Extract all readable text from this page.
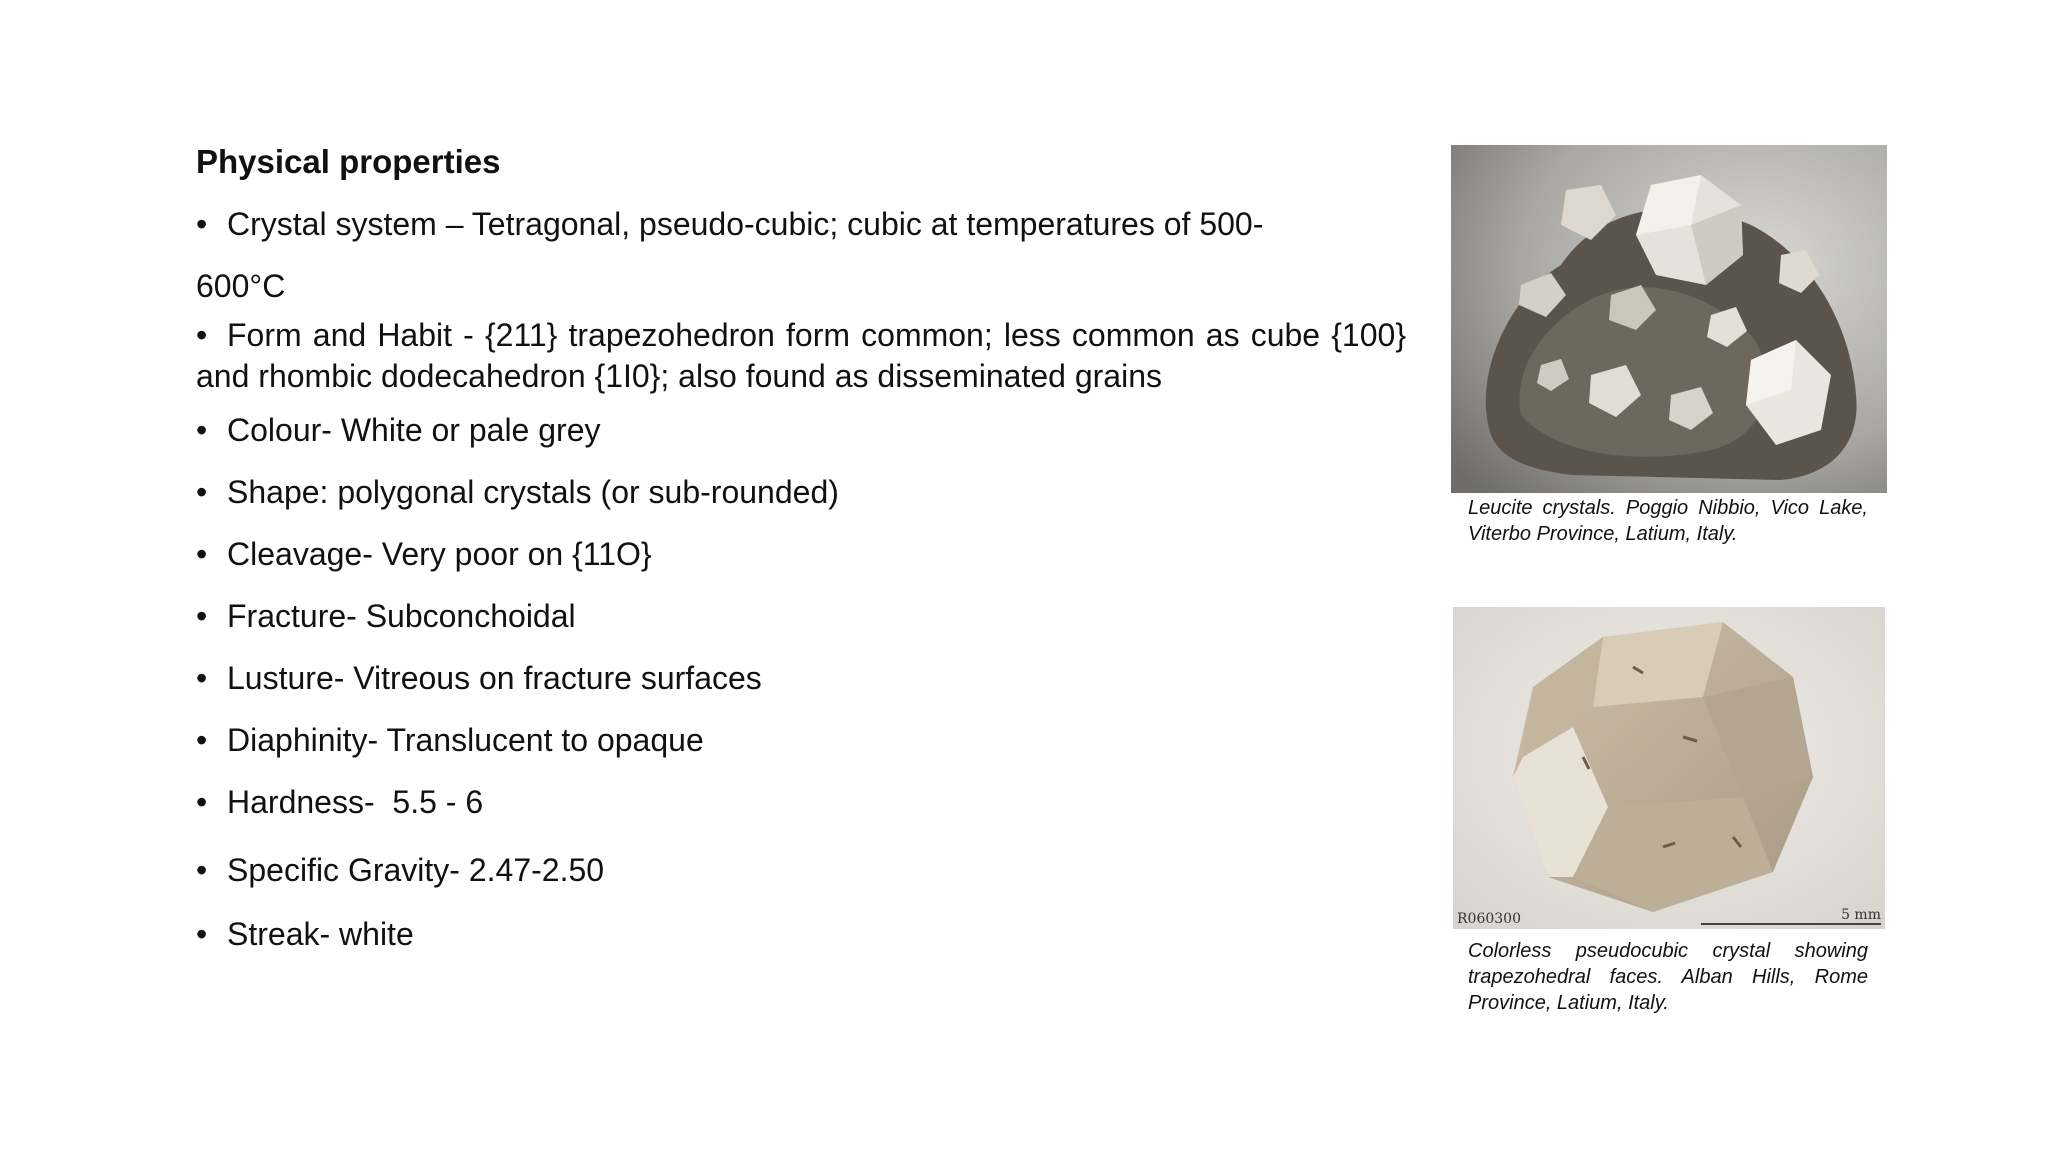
Physical properties

• Crystal system – Tetragonal, pseudo-cubic; cubic at temperatures of 500-

600°C

• Form and Habit - {211} trapezohedron form common; less common as cube {100} and rhombic dodecahedron {1I0}; also found as disseminated grains

• Colour- White or pale grey

• Shape: polygonal crystals (or sub-rounded)

• Cleavage- Very poor on {11O}

• Fracture- Subconchoidal

• Lusture- Vitreous on fracture surfaces

• Diaphinity- Translucent to opaque

• Hardness-  5.5 - 6

• Specific Gravity- 2.47-2.50

• Streak- white

Leucite crystals. Poggio Nibbio, Vico Lake, Viterbo Province, Latium, Italy.

R060300	5 mm

Colorless pseudocubic crystal showing trapezohedral faces. Alban Hills, Rome Province, Latium, Italy.
